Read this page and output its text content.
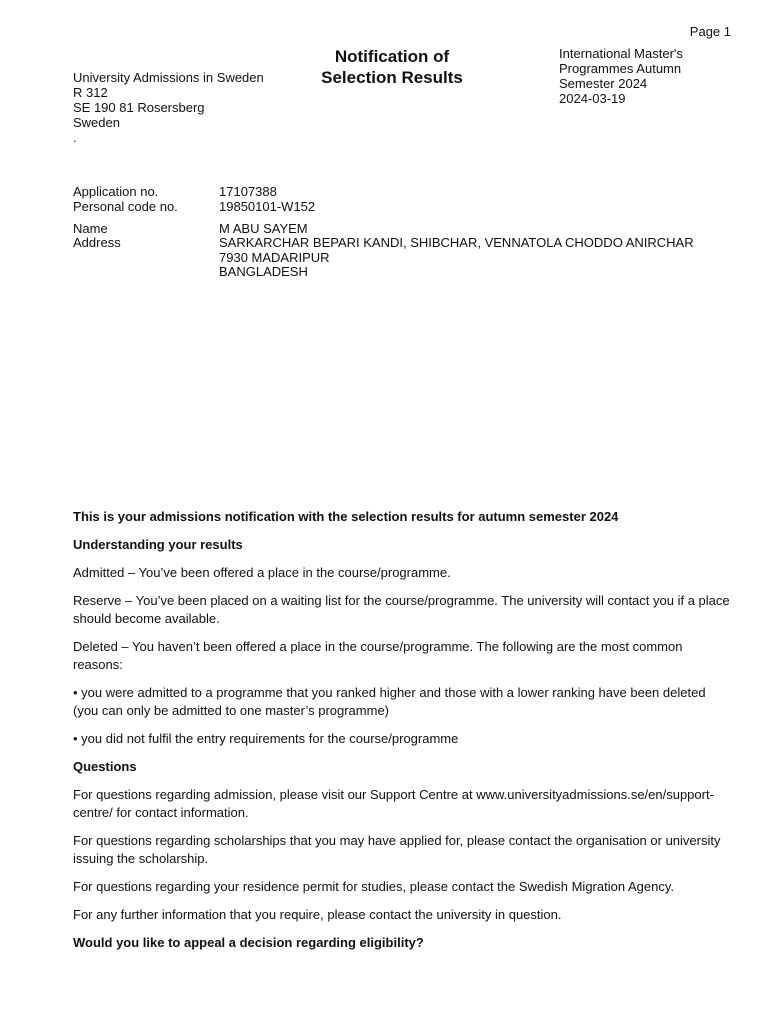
Page 1
Notification of
Selection Results
University Admissions in Sweden
R 312
SE 190 81 Rosersberg
Sweden
.
International Master's
Programmes Autumn
Semester 2024
2024-03-19
Application no.	17107388
Personal code no.	19850101-W152
Name	M ABU SAYEM
Address	SARKARCHAR BEPARI KANDI, SHIBCHAR, VENNATOLA CHODDO ANIRCHAR
7930 MADARIPUR
BANGLADESH

This is your admissions notification with the selection results for autumn semester 2024

Understanding your results

Admitted – You’ve been offered a place in the course/programme.

Reserve – You’ve been placed on a waiting list for the course/programme. The university will contact you if a place should become available.

Deleted – You haven’t been offered a place in the course/programme. The following are the most common reasons:

• you were admitted to a programme that you ranked higher and those with a lower ranking have been deleted (you can only be admitted to one master’s programme)

• you did not fulfil the entry requirements for the course/programme

Questions

For questions regarding admission, please visit our Support Centre at www.universityadmissions.se/en/support-centre/ for contact information.

For questions regarding scholarships that you may have applied for, please contact the organisation or university issuing the scholarship.

For questions regarding your residence permit for studies, please contact the Swedish Migration Agency.

For any further information that you require, please contact the university in question.

Would you like to appeal a decision regarding eligibility?
